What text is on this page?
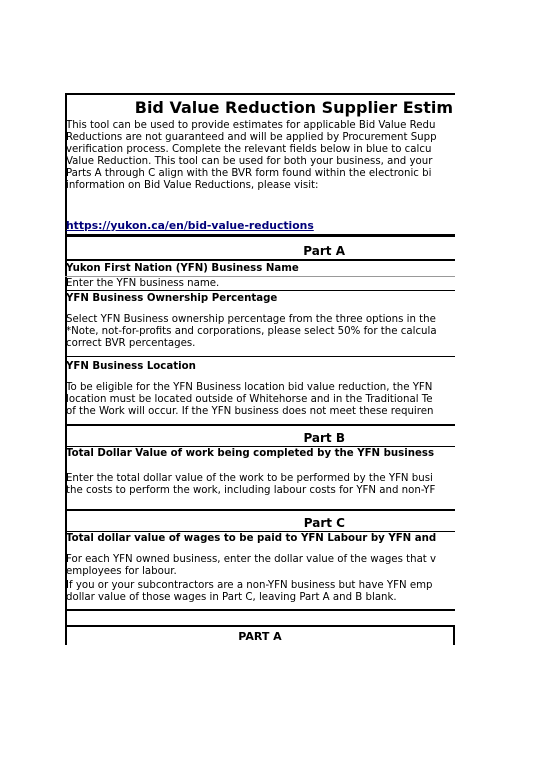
Bid Value Reduction Supplier Estim
This tool can be used to provide estimates for applicable Bid Value Redu
Reductions are not guaranteed and will be applied by Procurement Supp
verification process. Complete the relevant fields below in blue to calcu
Value Reduction. This tool can be used for both your business, and your
Parts A through C align with the BVR form found within the electronic bi
information on Bid Value Reductions, please visit:
https://yukon.ca/en/bid-value-reductions
Part A
Yukon First Nation (YFN) Business Name
Enter the YFN business name.
YFN Business Ownership Percentage
Select YFN Business ownership percentage from the three options in the
*Note, not-for-profits and corporations, please select 50% for the calcula
correct BVR percentages.
YFN Business Location
To be eligible for the YFN Business location bid value reduction, the YFN
location must be located outside of Whitehorse and in the Traditional Te
of the Work will occur. If the YFN business does not meet these requiren
Part B
Total Dollar Value of work being completed by the YFN business
Enter the total dollar value of the work to be performed by the YFN busi
the costs to perform the work, including labour costs for YFN and non-YF
Part C
Total dollar value of wages to be paid to YFN Labour by YFN and
For each YFN owned business, enter the dollar value of the wages that v
employees for labour.
If you or your subcontractors are a non-YFN business but have YFN emp
dollar value of those wages in Part C, leaving Part A and B blank.
PART A
